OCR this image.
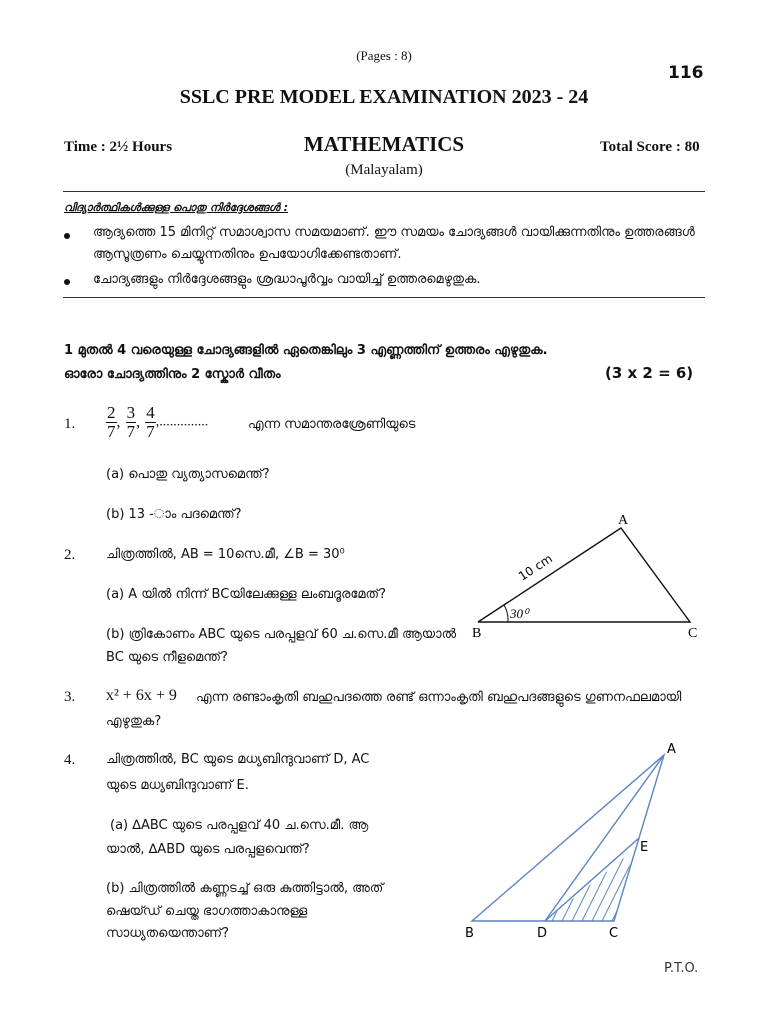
(Pages : 8)
116
SSLC PRE MODEL EXAMINATION 2023 - 24
Time : 2½ Hours	MATHEMATICS
(Malayalam)
Total Score : 80
വിദ്യാർത്ഥികൾക്കുള്ള പൊതു നിർദ്ദേശങ്ങൾ :
ആദ്യത്തെ 15 മിനിറ്റ് സമാശ്വാസ സമയമാണ്. ഈ സമയം ചോദ്യങ്ങൾ വായിക്കുന്നതിനും ഉത്തരങ്ങൾ
ആസൂത്രണം ചെയ്യുന്നതിനും ഉപയോഗിക്കേണ്ടതാണ്.
ചോദ്യങ്ങളും നിർദ്ദേശങ്ങളും ശ്രദ്ധാപൂർവ്വം വായിച്ച് ഉത്തരമെഴുതുക.
1 മുതൽ 4 വരെയുള്ള ചോദ്യങ്ങളിൽ ഏതെങ്കിലും 3 എണ്ണത്തിന് ഉത്തരം എഴുതുക.
ഓരോ ചോദ്യത്തിനും 2 സ്കോർ വീതം	(3 x 2 = 6)
1. $\frac{2}{7}$ , $\frac{3}{7}$ , $\frac{4}{7}$ ,..............	എന്ന സമാന്തരശ്രേണിയുടെ
(a) പൊതു വ്യത്യാസമെന്ത്?
(b) 13 -ാം പദമെന്ത്?
2. ചിത്രത്തിൽ, AB = 10സെ.മീ, ∠B = 30⁰
(a) A യിൽ നിന്ന് BCയിലേക്കുള്ള ലംബദൂരമേത്?
(b) ത്രികോണം ABC യുടെ പരപ്പളവ് 60 ച.സെ.മീ ആയാൽ
BC യുടെ നീളമെന്ത്?
A
B	C
10 cm
30⁰
3. x² + 6x + 9 എന്ന രണ്ടാംകൃതി ബഹുപദത്തെ രണ്ട് ഒന്നാംകൃതി ബഹുപദങ്ങളുടെ ഗുണനഫലമായി
എഴുതുക?
4. ചിത്രത്തിൽ, BC യുടെ മധ്യബിന്ദുവാണ് D, AC
യുടെ മധ്യബിന്ദുവാണ് E.
(a) ∆ABC യുടെ പരപ്പളവ് 40 ച.സെ.മീ. ആ
യാൽ, ∆ABD യുടെ പരപ്പളവെന്ത്?
(b) ചിത്രത്തിൽ കണ്ണടച്ച് ഒരു കുത്തിട്ടാൽ, അത്
ഷെയ്ഡ് ചെയ്ത ഭാഗത്താകാനുള്ള
സാധ്യതയെന്താണ്?
A
B	C
D
E
P.T.O.
